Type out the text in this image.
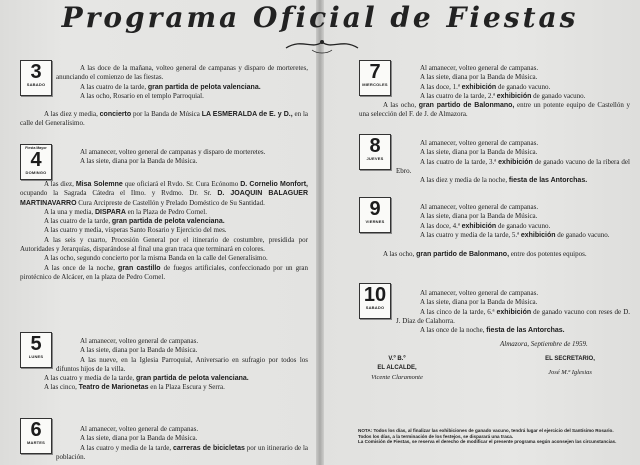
Programa Oficial de Fiestas
3
SABADO

A las doce de la mañana, volteo general de campanas y disparo de morteretes, anunciando el comienzo de las fiestas.

A las cuatro de la tarde, gran partida de pelota valenciana.

A las ocho, Rosario en el templo Parroquial.

A las diez y media, concierto por la Banda de Música LA ESMERALDA de E. y D., en la calle del Generalísimo.

Fiesta Mayor
4
DOMINGO

Al amanecer, volteo general de campanas y disparo de morteretes.

A las siete, diana por la Banda de Música.

A las diez, Misa Solemne que oficiará el Rvdo. Sr. Cura Ecónomo D. Cornelio Monfort, ocupando la Sagrada Cátedra el Ilmo. y Rvdmo. Dr. Sr. D. JOAQUIN BALAGUER MARTINAVARRO Cura Arcipreste de Castellón y Prelado Doméstico de Su Santidad.

A la una y media, DISPARA en la Plaza de Pedro Cornel.

A las cuatro de la tarde, gran partida de pelota valenciana.

A las cuatro y media, vísperas Santo Rosario y Ejercicio del mes.

A las seis y cuarto, Procesión General por el itinerario de costumbre, presidida por Autoridades y Jerarquías, disparándose al final una gran traca que terminará en colores.

A las ocho, segundo concierto por la misma Banda en la calle del Generalísimo.

A las once de la noche, gran castillo de fuegos artificiales, confeccionado por un gran pirotécnico de Alcácer, en la plaza de Pedro Cornel.

5
LUNES

Al amanecer, volteo general de campanas.

A las siete, diana por la Banda de Música.

A las nueve, en la Iglesia Parroquial, Aniversario en sufragio por todos los difuntos hijos de la villa.

A las cuatro y media de la tarde, gran partida de pelota valenciana.

A las cinco, Teatro de Marionetas en la Plaza Escura y Serra.

6
MARTES

Al amanecer, volteo general de campanas.

A las siete, diana por la Banda de Música.

A las cuatro y media de la tarde, carreras de bicicletas por un itinerario de la población.

7
MIERCOLES

Al amanecer, volteo general de campanas.

A las siete, diana por la Banda de Música.

A las doce, 1.ª exhibición de ganado vacuno.

A las cuatro de la tarde, 2.ª exhibición de ganado vacuno.

A las ocho, gran partido de Balonmano, entre un potente equipo de Castellón y una selección del F. de J. de Almazora.

8
JUEVES

Al amanecer, volteo general de campanas.

A las siete, diana por la Banda de Música.

A las cuatro de la tarde, 3.ª exhibición de ganado vacuno de la ribera del Ebro.

A las diez y media de la noche, fiesta de las Antorchas.

9
VIERNES

Al amanecer, volteo general de campanas.

A las siete, diana por la Banda de Música.

A las doce, 4.ª exhibición de ganado vacuno.

A las cuatro y media de la tarde, 5.ª exhibición de ganado vacuno.

A las ocho, gran partido de Balonmano, entre dos potentes equipos.

10
SABADO

Al amanecer, volteo general de campanas.

A las siete, diana por la Banda de Música.

A las cinco de la tarde, 6.ª exhibición de ganado vacuno con reses de D. J. Díaz de Calahorra.

A las once de la noche, fiesta de las Antorchas.

Almazora, Septiembre de 1959.
V.º B.º
EL ALCALDE,
Vicente Claramonte
EL SECRETARIO,
José M.ª Iglesias
NOTA: Todos los días, al finalizar las exhibiciones de ganado vacuno, tendrá lugar el ejercicio del Santísimo Rosario.
Todos los días, a la terminación de los festejos, se disparará una traca.
La Comisión de Fiestas, se reserva el derecho de modificar el presente programa según aconsejen las circunstancias.
